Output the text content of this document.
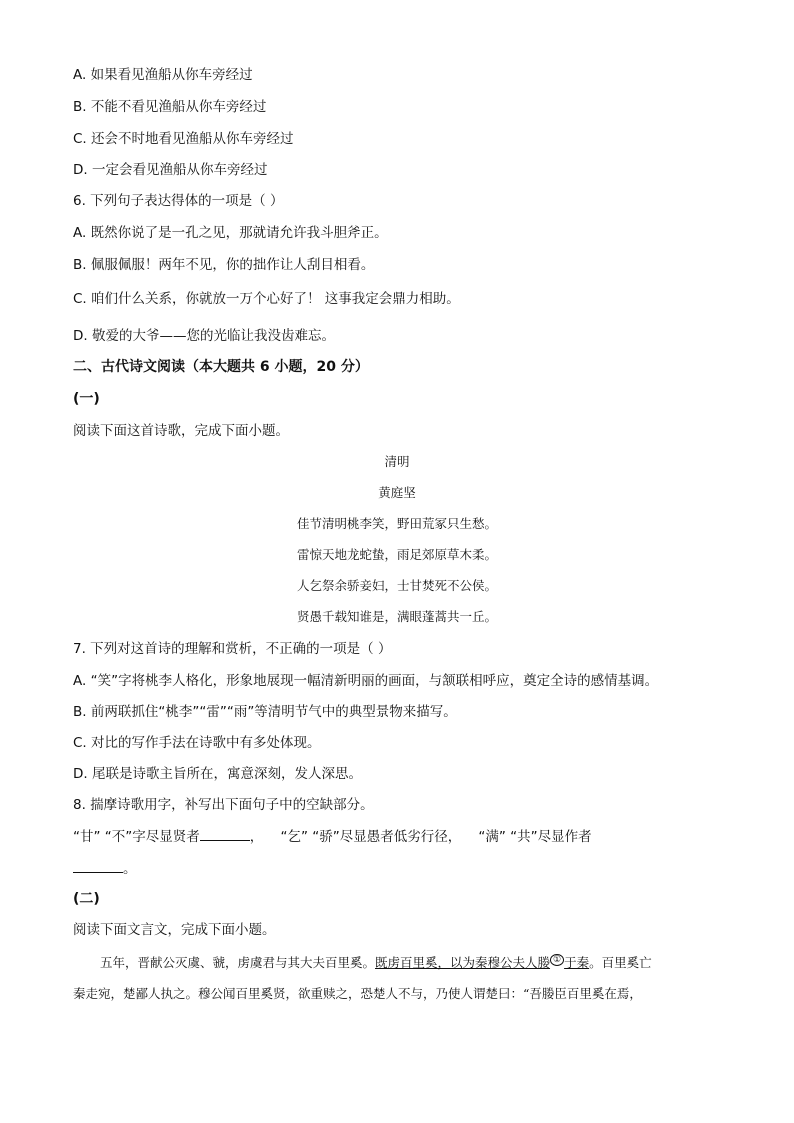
A. 如果看见渔船从你车旁经过
B. 不能不看见渔船从你车旁经过
C. 还会不时地看见渔船从你车旁经过
D. 一定会看见渔船从你车旁经过
6. 下列句子表达得体的一项是（ ）
A. 既然你说了是一孔之见，那就请允许我斗胆斧正。
B. 佩服佩服！两年不见，你的拙作让人刮目相看。
C. 咱们什么关系，你就放一万个心好了！ 这事我定会鼎力相助。
D. 敬爱的大爷——您的光临让我没齿难忘。
二、古代诗文阅读（本大题共 6 小题，20 分）
(一)
阅读下面这首诗歌，完成下面小题。
清明
黄庭坚
佳节清明桃李笑，野田荒冢只生愁。
雷惊天地龙蛇蛰，雨足郊原草木柔。
人乞祭余骄妾妇，士甘焚死不公侯。
贤愚千载知谁是，满眼蓬蒿共一丘。
7. 下列对这首诗的理解和赏析，不正确的一项是（ ）
A. “笑”字将桃李人格化，形象地展现一幅清新明丽的画面，与颔联相呼应，奠定全诗的感情基调。
B. 前两联抓住“桃李”“雷”“雨”等清明节气中的典型景物来描写。
C. 对比的写作手法在诗歌中有多处体现。
D. 尾联是诗歌主旨所在，寓意深刻，发人深思。
8. 揣摩诗歌用字，补写出下面句子中的空缺部分。
“甘” “不”字尽显贤者	， “乞” “骄”尽显愚者低劣行径， “满” “共”尽显作者
。
(二)
阅读下面文言文，完成下面小题。
五年，晋献公灭虞、虢，虏虞君与其大夫百里奚。既虏百里奚，以为秦穆公夫人媵 ① 于秦。百里奚亡
秦走宛，楚鄙人执之。穆公闻百里奚贤，欲重赎之，恐楚人不与，乃使人谓楚曰：“吾媵臣百里奚在焉，
